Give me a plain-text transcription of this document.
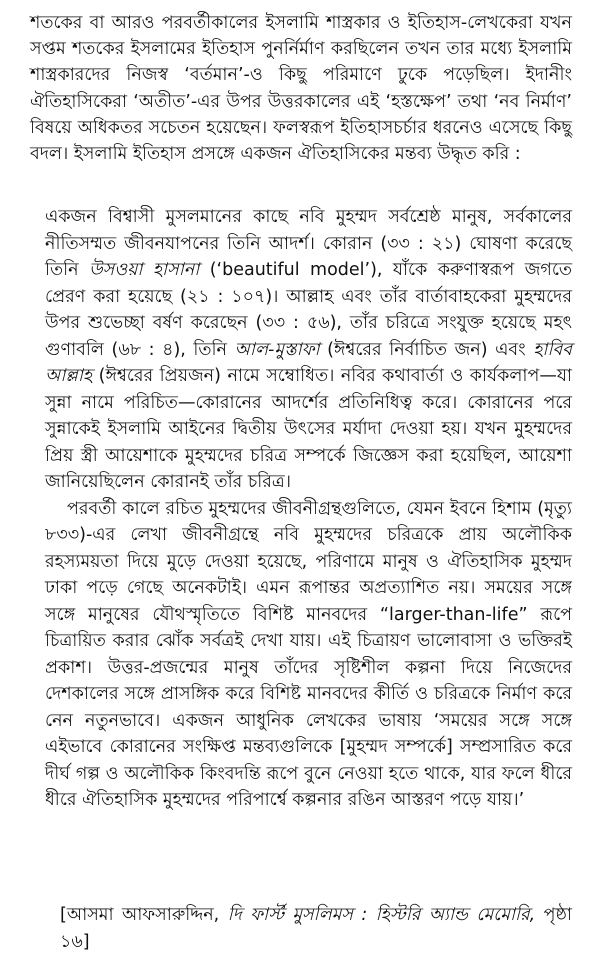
শতকের বা আরও পরবর্তীকালের ইসলামি শাস্ত্রকার ও ইতিহাস-লেখকেরা যখন সপ্তম শতকের ইসলামের ইতিহাস পুনর্নির্মাণ করছিলেন তখন তার মধ্যে ইসলামি শাস্ত্রকারদের নিজস্ব ‘বর্তমান’-ও কিছু পরিমাণে ঢুকে পড়েছিল। ইদানীং ঐতিহাসিকেরা ‘অতীত’-এর উপর উত্তরকালের এই ‘হস্তক্ষেপ’ তথা ‘নব নির্মাণ’ বিষয়ে অধিকতর সচেতন হয়েছেন। ফলস্বরূপ ইতিহাসচর্চার ধরনেও এসেছে কিছু বদল। ইসলামি ইতিহাস প্রসঙ্গে একজন ঐতিহাসিকের মন্তব্য উদ্ধৃত করি :

একজন বিশ্বাসী মুসলমানের কাছে নবি মুহম্মদ সর্বশ্রেষ্ঠ মানুষ, সর্বকালের নীতিসম্মত জীবনযাপনের তিনি আদর্শ। কোরান (৩৩ : ২১) ঘোষণা করেছে তিনি উসওয়া হাসানা (‘beautiful model’), যাঁকে করুণাস্বরূপ জগতে প্রেরণ করা হয়েছে (২১ : ১০৭)। আল্লাহ এবং তাঁর বার্তাবাহকেরা মুহম্মদের উপর শুভেচ্ছা বর্ষণ করেছেন (৩৩ : ৫৬), তাঁর চরিত্রে সংযুক্ত হয়েছে মহৎ গুণাবলি (৬৮ : ৪), তিনি আল-মুস্তাফা (ঈশ্বরের নির্বাচিত জন) এবং হাবিব আল্লাহ (ঈশ্বরের প্রিয়জন) নামে সম্বোধিত। নবির কথাবার্তা ও কার্যকলাপ—যা সুন্না নামে পরিচিত—কোরানের আদর্শের প্রতিনিধিত্ব করে। কোরানের পরে সুন্নাকেই ইসলামি আইনের দ্বিতীয় উৎসের মর্যাদা দেওয়া হয়। যখন মুহম্মদের প্রিয় স্ত্রী আয়েশাকে মুহম্মদের চরিত্র সম্পর্কে জিজ্ঞেস করা হয়েছিল, আয়েশা জানিয়েছিলেন কোরানই তাঁর চরিত্র।

পরবর্তী কালে রচিত মুহম্মদের জীবনীগ্রন্থগুলিতে, যেমন ইবনে হিশাম (মৃত্যু ৮৩৩)-এর লেখা জীবনীগ্রন্থে নবি মুহম্মদের চরিত্রকে প্রায় অলৌকিক রহস্যময়তা দিয়ে মুড়ে দেওয়া হয়েছে, পরিণামে মানুষ ও ঐতিহাসিক মুহম্মদ ঢাকা পড়ে গেছে অনেকটাই। এমন রূপান্তর অপ্রত্যাশিত নয়। সময়ের সঙ্গে সঙ্গে মানুষের যৌথস্মৃতিতে বিশিষ্ট মানবদের “larger-than-life” রূপে চিত্রায়িত করার ঝোঁক সর্বত্রই দেখা যায়। এই চিত্রায়ণ ভালোবাসা ও ভক্তিরই প্রকাশ। উত্তর-প্রজন্মের মানুষ তাঁদের সৃষ্টিশীল কল্পনা দিয়ে নিজেদের দেশকালের সঙ্গে প্রাসঙ্গিক করে বিশিষ্ট মানবদের কীর্তি ও চরিত্রকে নির্মাণ করে নেন নতুনভাবে। একজন আধুনিক লেখকের ভাষায় ‘সময়ের সঙ্গে সঙ্গে এইভাবে কোরানের সংক্ষিপ্ত মন্তব্যগুলিকে [মুহম্মদ সম্পর্কে] সম্প্রসারিত করে দীর্ঘ গল্প ও অলৌকিক কিংবদন্তি রূপে বুনে নেওয়া হতে থাকে, যার ফলে ধীরে ধীরে ঐতিহাসিক মুহম্মদের পরিপার্শ্বে কল্পনার রঙিন আস্তরণ পড়ে যায়।’

[আসমা আফসারুদ্দিন, দি ফার্স্ট মুসলিমস : হিস্টরি অ্যান্ড মেমোরি, পৃষ্ঠা ১৬]
